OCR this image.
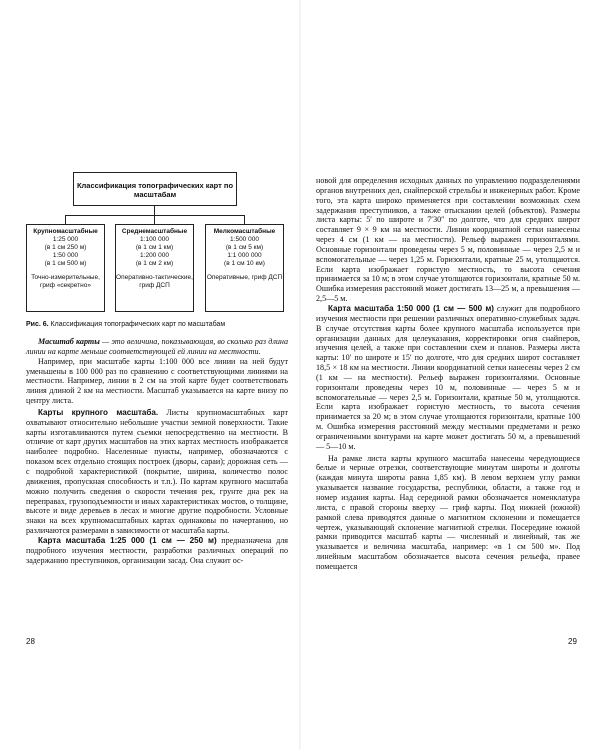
Классификация топографических карт по масштабам
Крупномасштабные
1:25 000
(в 1 см 250 м)
1:50 000
(в 1 см 500 м)
Точно-измерительные, гриф «секретно»
Среднемасштабные
1:100 000
(в 1 см 1 км)
1:200 000
(в 1 см 2 км)
Оперативно-тактические, гриф ДСП
Мелкомасштабные
1:500 000
(в 1 см 5 км)
1:1 000 000
(в 1 см 10 км)
Оперативные, гриф ДСП
Рис. 6. Классификация топографических карт по масштабам

Масштаб карты — это величина, показывающая, во сколько раз длина линии на карте меньше соответствующей ей линии на местности.

Например, при масштабе карты 1:100 000 все линии на ней будут уменьшены в 100 000 раз по сравнению с соответствующими линиями на местности. Например, линии в 2 см на этой карте будет соответствовать линия длиной 2 км на местности. Масштаб указывается на карте внизу по центру листа.

Карты крупного масштаба. Листы крупномасштабных карт охватывают относительно небольшие участки земной поверхности. Такие карты изготавливаются путем съемки непосредственно на местности. В отличие от карт других масштабов на этих картах местность изображается наиболее подробно. Населенные пункты, например, обозначаются с показом всех отдельно стоящих построек (дворы, сараи); дорожная сеть — с подробной характеристикой (покрытие, ширина, количество полос движения, пропускная способность и т.п.). По картам крупного масштаба можно получить сведения о скорости течения рек, грунте дна рек на переправах, грузоподъемности и иных характеристиках мостов, о толщине, высоте и виде деревьев в лесах и многие другие подробности. Условные знаки на всех крупномасштабных картах одинаковы по начертанию, но различаются размерами в зависимости от масштаба карты.

Карта масштаба 1:25 000 (1 см — 250 м) предназначена для подробного изучения местности, разработки различных операций по задержанию преступников, организации засад. Она служит ос-

28

новой для определения исходных данных по управлению подразделениями органов внутренних дел, снайперской стрельбы и инженерных работ. Кроме того, эта карта широко применяется при составлении возможных схем задержания преступников, а также отыскании целей (объектов). Размеры листа карты: 5′ по широте и 7′30″ по долготе, что для средних широт составляет 9 × 9 км на местности. Линии координатной сетки нанесены через 4 см (1 км — на местности). Рельеф выражен горизонталями. Основные горизонтали проведены через 5 м, половинные — через 2,5 м и вспомогательные — через 1,25 м. Горизонтали, кратные 25 м, утолщаются. Если карта изображает гористую местность, то высота сечения принимается за 10 м; в этом случае утолщаются горизонтали, кратные 50 м. Ошибка измерения расстояний может достигать 13—25 м, а превышения — 2,5—5 м.

Карта масштаба 1:50 000 (1 см — 500 м) служит для подробного изучения местности при решении различных оперативно-служебных задач. В случае отсутствия карты более крупного масштаба используется при организации данных для целеуказания, корректировки огня снайперов, изучения целей, а также при составлении схем и планов. Размеры листа карты: 10′ по широте и 15′ по долготе, что для средних широт составляет 18,5 × 18 км на местности. Линии координатной сетки нанесены через 2 см (1 км — на местности). Рельеф выражен горизонталями. Основные горизонтали проведены через 10 м, половинные — через 5 м и вспомогательные — через 2,5 м. Горизонтали, кратные 50 м, утолщаются. Если карта изображает гористую местность, то высота сечения принимается за 20 м; в этом случае утолщаются горизонтали, кратные 100 м. Ошибка измерения расстояний между местными предметами и резко ограниченными контурами на карте может достигать 50 м, а превышений — 5—10 м.

На рамке листа карты крупного масштаба нанесены чередующиеся белые и черные отрезки, соответствующие минутам широты и долготы (каждая минута широты равна 1,85 км). В левом верхнем углу рамки указывается название государства, республики, области, а также год и номер издания карты. Над серединой рамки обозначается номенклатура листа, с правой стороны вверху — гриф карты. Под нижней (южной) рамкой слева приводятся данные о магнитном склонении и помещается чертеж, указывающий склонение магнитной стрелки. Посередине южной рамки приводится масштаб карты — численный и линейный, так же указывается и величина масштаба, например: «в 1 см 500 м». Под линейным масштабом обозначается высота сечения рельефа, правее помещается

29
